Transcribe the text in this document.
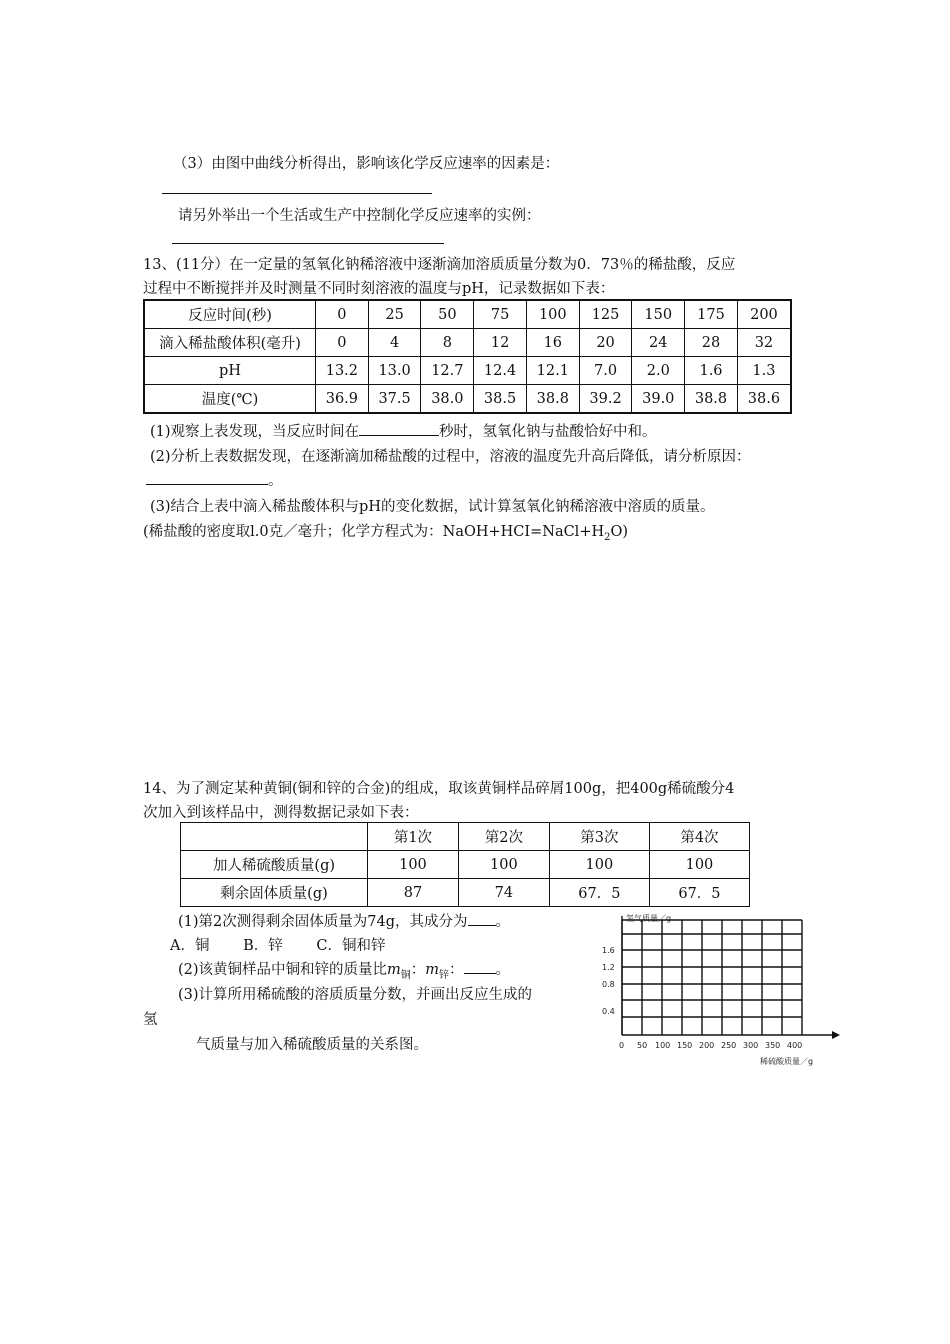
（3）由图中曲线分析得出，影响该化学反应速率的因素是：
请另外举出一个生活或生产中控制化学反应速率的实例：
13、(11分）在一定量的氢氧化钠稀溶液中逐渐滴加溶质质量分数为0．73％的稀盐酸，反应
过程中不断搅拌并及时测量不同时刻溶液的温度与pH，记录数据如下表：
反应时间(秒)	0	25	50	75	100	125	150	175	200
滴入稀盐酸体积(毫升)	0	4	8	12	16	20	24	28	32
pH	13.2	13.0	12.7	12.4	12.1	7.0	2.0	1.6	1.3
温度(℃)	36.9	37.5	38.0	38.5	38.8	39.2	39.0	38.8	38.6
(1)观察上表发现，当反应时间在	秒时，氢氧化钠与盐酸恰好中和。
(2)分析上表数据发现，在逐渐滴加稀盐酸的过程中，溶液的温度先升高后降低，请分析原因：
。
(3)结合上表中滴入稀盐酸体积与pH的变化数据，试计算氢氧化钠稀溶液中溶质的质量。
(稀盐酸的密度取l.0克／毫升；化学方程式为：$NaOH+HCI=NaCl+H_2O$)
14、为了测定某种黄铜(铜和锌的合金)的组成，取该黄铜样品碎屑100g，把400g稀硫酸分4
次加入到该样品中，测得数据记录如下表：
	第1次	第2次	第3次	第4次
加人稀硫酸质量(g)	100	100	100	100
剩余固体质量(g)	87	74	67．5	67．5
(1)第2次测得剩余固体质量为74g，其成分为 。
A．铜　　 B．锌　　 C．铜和锌
(2)该黄铜样品中铜和锌的质量比$m_铜$：$m_锌$： 。
(3)计算所用稀硫酸的溶质质量分数，并画出反应生成的
氢
气质量与加入稀硫酸质量的关系图。
氢气质量／g
1.6
1.2
0.8
0.4
0 50 100 150 200 250 300 350 400
稀硫酸质量／g
